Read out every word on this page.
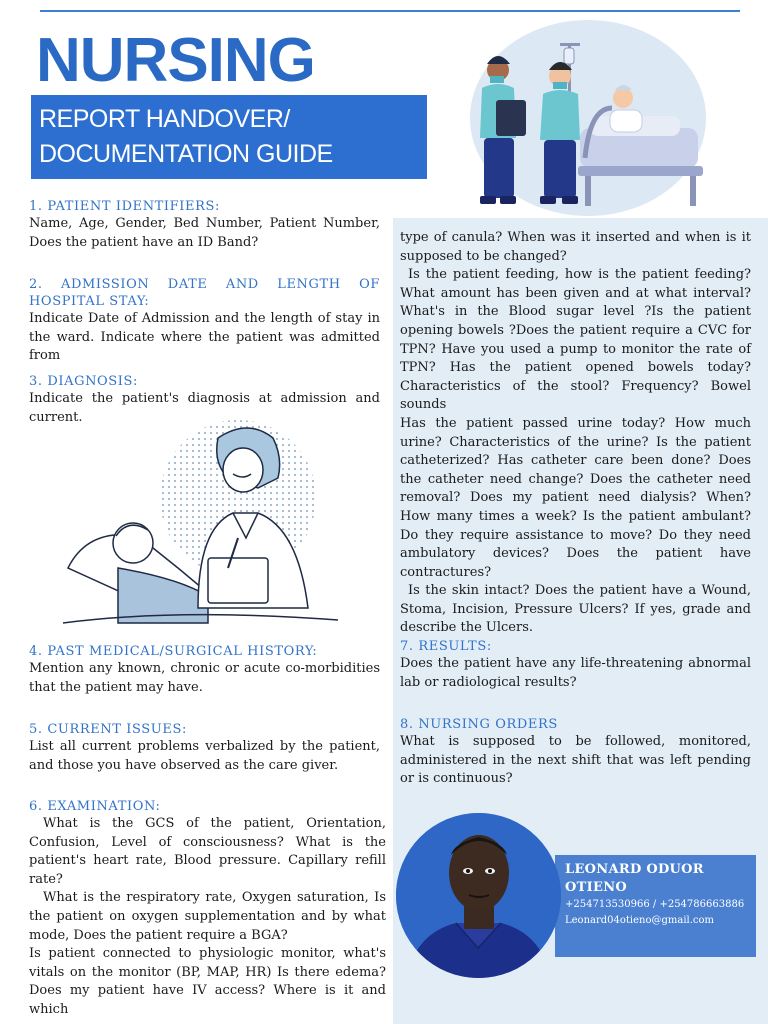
NURSING
REPORT HANDOVER/
DOCUMENTATION GUIDE
1. PATIENT IDENTIFIERS:
Name, Age, Gender, Bed Number, Patient Number, Does the patient have an ID Band?
2. ADMISSION DATE AND LENGTH OF HOSPITAL STAY:
Indicate Date of Admission and the length of stay in the ward. Indicate where the patient was admitted from
3. DIAGNOSIS:
Indicate the patient's diagnosis at admission and current.
4. PAST MEDICAL/SURGICAL HISTORY:
Mention any known, chronic or acute co-morbidities that the patient may have.
5. CURRENT ISSUES:
List all current problems verbalized by the patient, and those you have observed as the care giver.
6. EXAMINATION:
What is the GCS of the patient, Orientation, Confusion, Level of consciousness? What is the patient's heart rate, Blood pressure. Capillary refill rate?
What is the respiratory rate, Oxygen saturation, Is the patient on oxygen supplementation and by what mode, Does the patient require a BGA?
Is patient connected to physiologic monitor, what's vitals on the monitor (BP, MAP, HR) Is there edema? Does my patient have IV access? Where is it and which
type of canula? When was it inserted and when is it supposed to be changed?
Is the patient feeding, how is the patient feeding? What amount has been given and at what interval? What's in the Blood sugar level ?Is the patient opening bowels ?Does the patient require a CVC for TPN? Have you used a pump to monitor the rate of TPN? Has the patient opened bowels today? Characteristics of the stool? Frequency? Bowel sounds
Has the patient passed urine today? How much urine? Characteristics of the urine? Is the patient catheterized? Has catheter care been done? Does the catheter need change? Does the catheter need removal? Does my patient need dialysis? When? How many times a week? Is the patient ambulant? Do they require assistance to move? Do they need ambulatory devices? Does the patient have contractures?
Is the skin intact? Does the patient have a Wound, Stoma, Incision, Pressure Ulcers? If yes, grade and describe the Ulcers.
7. RESULTS:
Does the patient have any life-threatening abnormal lab or radiological results?
8. NURSING ORDERS
What is supposed to be followed, monitored, administered in the next shift that was left pending or is continuous?
LEONARD ODUOR
OTIENO
+254713530966 / +254786663886
Leonard04otieno@gmail.com
